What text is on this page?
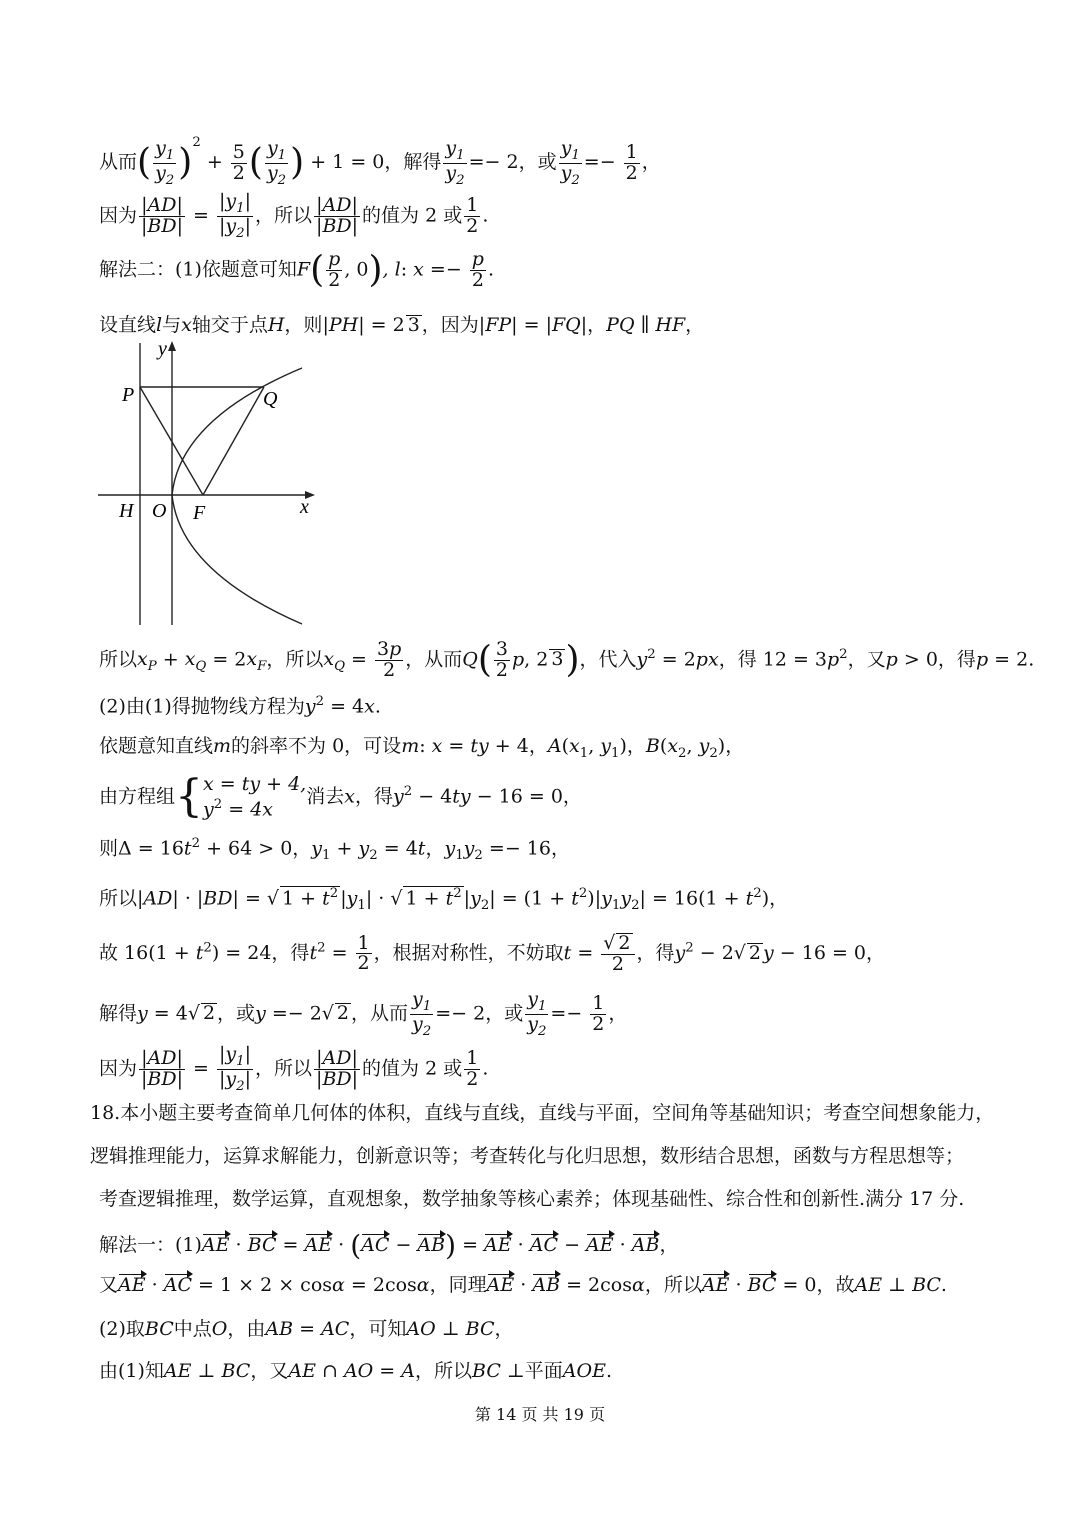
从而( $\frac{y_1}{y_2} )^2 + \frac{5}{2}$ ( $\frac{y_1}{y_2}$ ) + 1 = 0，解得 $\frac{y_1}{y_2} =- 2$，或 $\frac{y_1}{y_2} =- \frac{1}{2}$ ，
因为 $\frac{|AD|}{|BD|} = \frac{|y_1|}{|y_2|}$ ，所以 $\frac{|AD|}{|BD|}$ 的值为 2 或 $\frac{1}{2}$ .
解法二：(1)依题意可知$F( \frac{p}{2}$ , 0), l: $x =- \frac{p}{2}$ .
设直线l与x轴交于点H，则|PH| = 2 3 ，因为|FP| = |FQ|，PQ ∥ HF，
y
P	Q
H O F	x
所以$x_P + x_Q = 2x_F$，所以$x_Q = \frac{3p}{2}$ ，从而$Q( \frac{3}{2} p$, 2 3)，代入$y^2 = 2px$，得 $12 = 3p^2$，又p > 0，得p = 2.
(2)由(1)得抛物线方程为$y^2 = 4x$.
依题意知直线m的斜率不为 0，可设m: x = ty + 4，$A(x_1$, $y_1$)，$B(x_2$, $y_2$)，
由方程组{ x = ty + 4,
$y^2 = 4x$
消去x，得$y^2 - 4ty - 16 = 0$，
则$\Delta = 16t^2 + 64 > 0$，$y_1 + y_2 = 4t$，$y_1y_2 =- 16$，
所以|AD| · |BD| = √ $1 + t^2$ $|y_1|$ · √ $1 + t^2$ $|y_2| = (1 + t^2)|y_1y_2| = 16(1 + t^2)$，
故 $16(1 + t^2) = 24$，得$t^2 = \frac{1}{2}$ ，根据对称性，不妨取$t = \frac{√ 2}{2}$ ，得$y^2 - 2√$ 2 y − 16 = 0，
解得y = 4√ 2 ，或y =− 2√ 2 ，从而 $\frac{y_1}{y_2} =- 2$，或 $\frac{y_1}{y_2} =- \frac{1}{2}$ ，
因为 $\frac{|AD|}{|BD|} = \frac{|y_1|}{|y_2|}$ ，所以 $\frac{|AD|}{|BD|}$ 的值为 2 或 $\frac{1}{2}$ .
18.本小题主要考查简单几何体的体积，直线与直线，直线与平面，空间角等基础知识；考查空间想象能力，
逻辑推理能力，运算求解能力，创新意识等；考查转化与化归思想，数形结合思想，函数与方程思想等；
考查逻辑推理，数学运算，直观想象，数学抽象等核心素养；体现基础性、综合性和创新性.满分 17 分.
解法一：(1)AE · BC = AE · (AC − AB) = AE · AC − AE · AB，
又AE · AC = 1 × 2 × cosα = 2cosα，同理AE · AB = 2cosα，所以AE · BC = 0，故AE ⊥ BC.
(2)取BC中点O，由AB = AC，可知AO ⊥ BC，
由(1)知AE ⊥ BC，又AE ∩ AO = A，所以BC ⊥平面AOE.
第 14 页 共 19 页
